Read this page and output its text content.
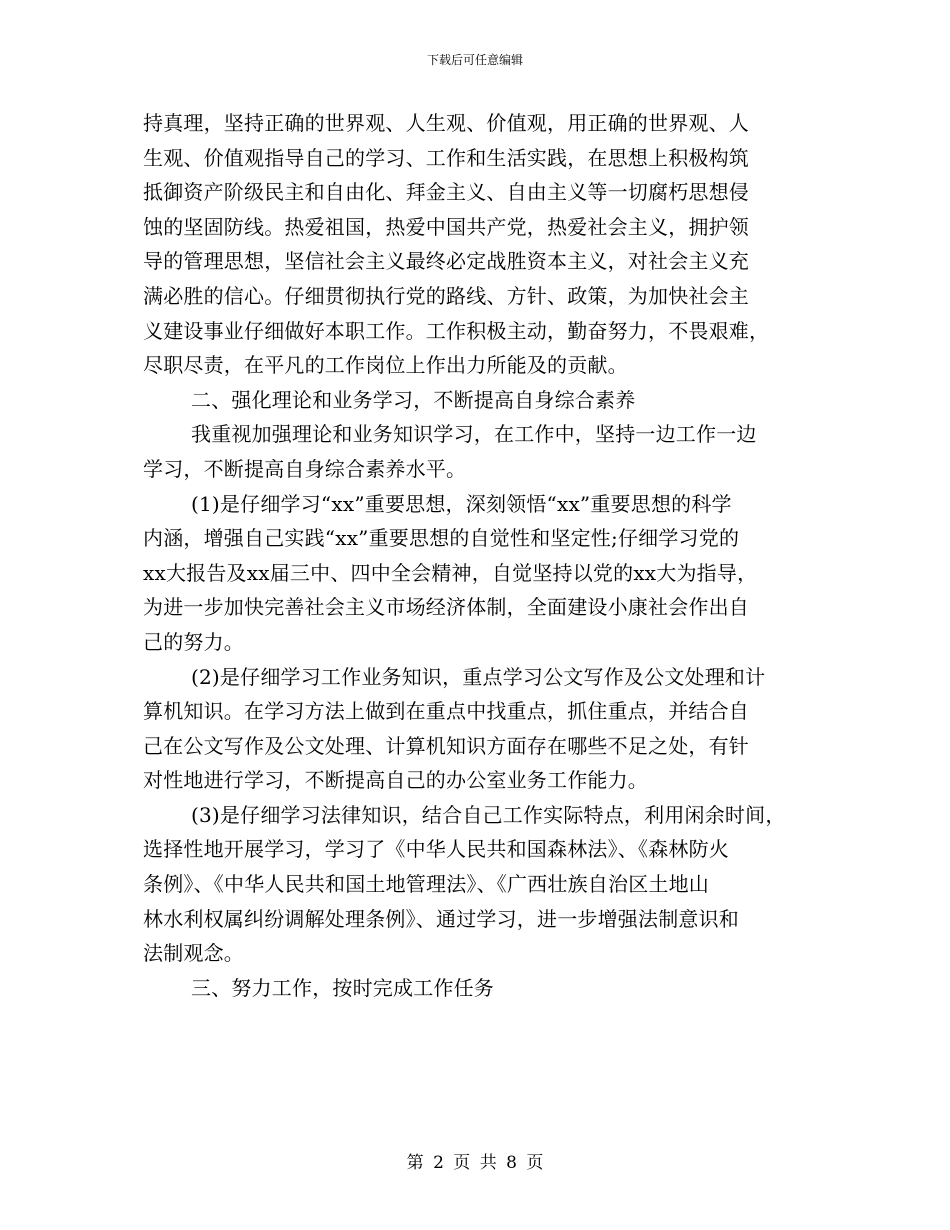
下载后可任意编辑
持真理，坚持正确的世界观、人生观、价值观，用正确的世界观、人
生观、价值观指导自己的学习、工作和生活实践，在思想上积极构筑
抵御资产阶级民主和自由化、拜金主义、自由主义等一切腐朽思想侵
蚀的坚固防线。热爱祖国，热爱中国共产党，热爱社会主义，拥护领
导的管理思想，坚信社会主义最终必定战胜资本主义，对社会主义充
满必胜的信心。仔细贯彻执行党的路线、方针、政策，为加快社会主
义建设事业仔细做好本职工作。工作积极主动，勤奋努力，不畏艰难，
尽职尽责，在平凡的工作岗位上作出力所能及的贡献。
二、强化理论和业务学习，不断提高自身综合素养
我重视加强理论和业务知识学习，在工作中，坚持一边工作一边
学习，不断提高自身综合素养水平。
(1)是仔细学习“xx”重要思想，深刻领悟“xx”重要思想的科学
内涵，增强自己实践“xx”重要思想的自觉性和坚定性;仔细学习党的
xx大报告及xx届三中、四中全会精神，自觉坚持以党的xx大为指导，
为进一步加快完善社会主义市场经济体制，全面建设小康社会作出自
己的努力。
(2)是仔细学习工作业务知识，重点学习公文写作及公文处理和计
算机知识。在学习方法上做到在重点中找重点，抓住重点，并结合自
己在公文写作及公文处理、计算机知识方面存在哪些不足之处，有针
对性地进行学习，不断提高自己的办公室业务工作能力。
(3)是仔细学习法律知识，结合自己工作实际特点，利用闲余时间，
选择性地开展学习，学习了《中华人民共和国森林法》、《森林防火
条例》、《中华人民共和国土地管理法》、《广西壮族自治区土地山
林水利权属纠纷调解处理条例》、通过学习，进一步增强法制意识和
法制观念。
三、努力工作，按时完成工作任务
第 2 页 共 8 页
